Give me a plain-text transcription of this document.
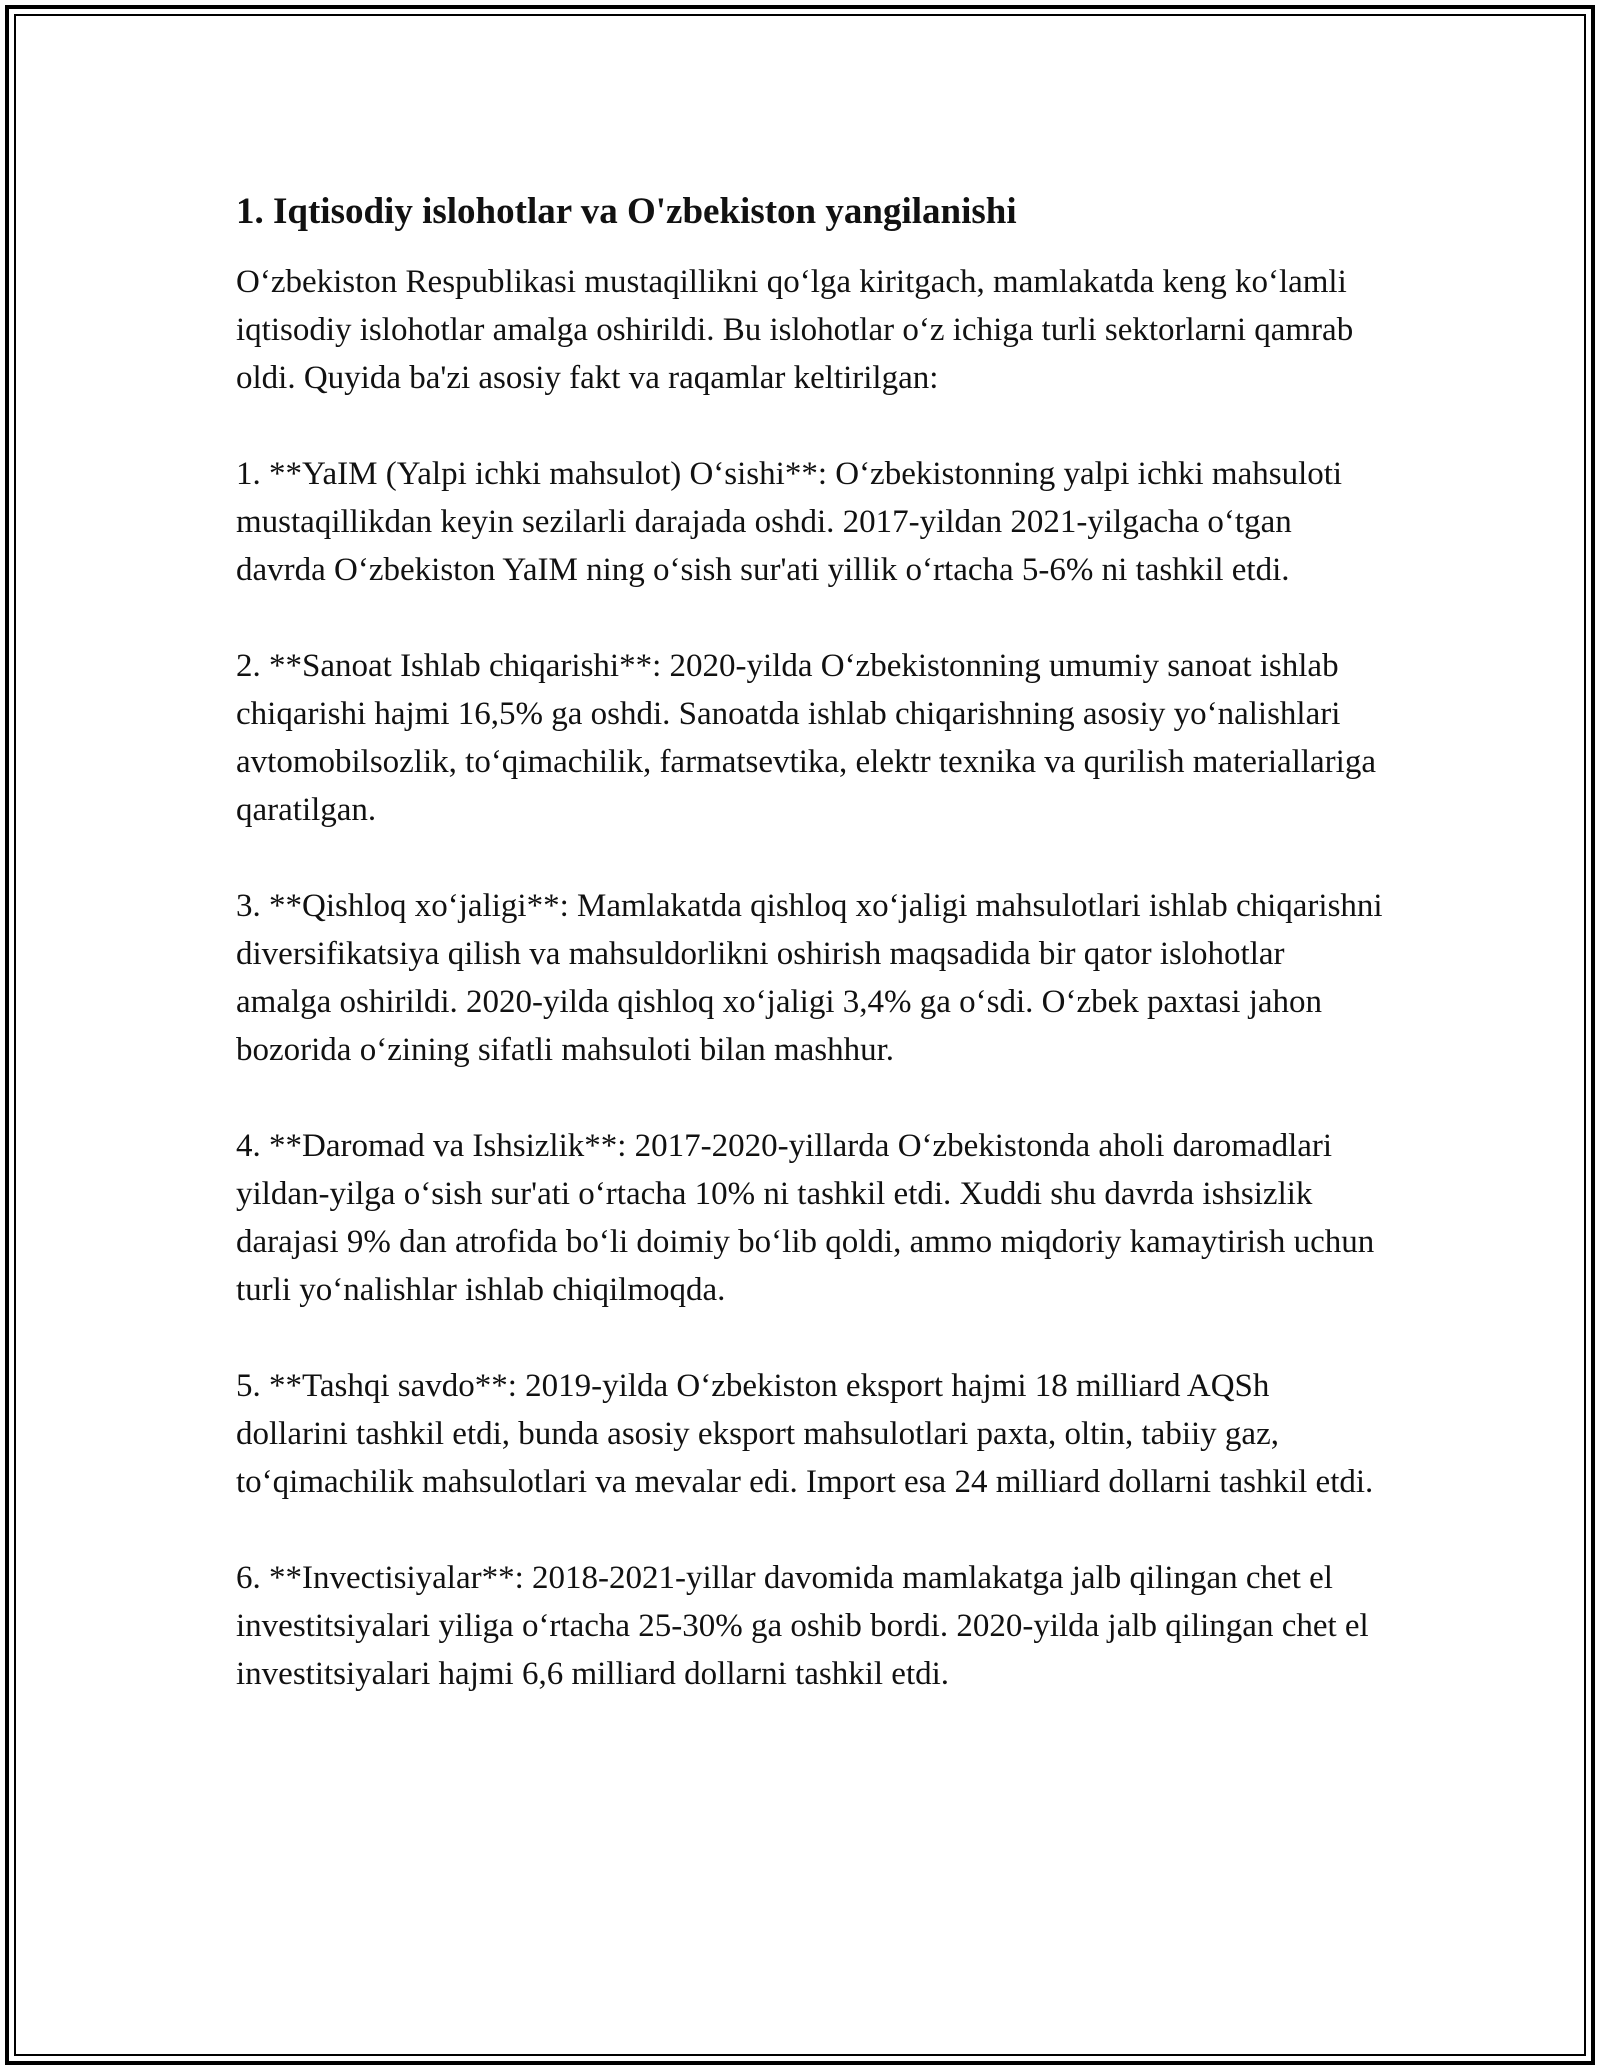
1. Iqtisodiy islohotlar va O'zbekiston yangilanishi

Oʻzbekiston Respublikasi mustaqillikni qoʻlga kiritgach, mamlakatda keng koʻlamli iqtisodiy islohotlar amalga oshirildi. Bu islohotlar oʻz ichiga turli sektorlarni qamrab oldi. Quyida ba'zi asosiy fakt va raqamlar keltirilgan:

1. **YaIM (Yalpi ichki mahsulot) Oʻsishi**: Oʻzbekistonning yalpi ichki mahsuloti mustaqillikdan keyin sezilarli darajada oshdi. 2017-yildan 2021-yilgacha oʻtgan davrda Oʻzbekiston YaIM ning oʻsish sur'ati yillik oʻrtacha 5-6% ni tashkil etdi.

2. **Sanoat Ishlab chiqarishi**: 2020-yilda Oʻzbekistonning umumiy sanoat ishlab chiqarishi hajmi 16,5% ga oshdi. Sanoatda ishlab chiqarishning asosiy yoʻnalishlari avtomobilsozlik, toʻqimachilik, farmatsevtika, elektr texnika va qurilish materiallariga qaratilgan.

3. **Qishloq xoʻjaligi**: Mamlakatda qishloq xoʻjaligi mahsulotlari ishlab chiqarishni diversifikatsiya qilish va mahsuldorlikni oshirish maqsadida bir qator islohotlar amalga oshirildi. 2020-yilda qishloq xoʻjaligi 3,4% ga oʻsdi. Oʻzbek paxtasi jahon bozorida oʻzining sifatli mahsuloti bilan mashhur.

4. **Daromad va Ishsizlik**: 2017-2020-yillarda Oʻzbekistonda aholi daromadlari yildan-yilga oʻsish sur'ati oʻrtacha 10% ni tashkil etdi. Xuddi shu davrda ishsizlik darajasi 9% dan atrofida boʻli doimiy boʻlib qoldi, ammo miqdoriy kamaytirish uchun turli yoʻnalishlar ishlab chiqilmoqda.

5. **Tashqi savdo**: 2019-yilda Oʻzbekiston eksport hajmi 18 milliard AQSh dollarini tashkil etdi, bunda asosiy eksport mahsulotlari paxta, oltin, tabiiy gaz, toʻqimachilik mahsulotlari va mevalar edi. Import esa 24 milliard dollarni tashkil etdi.

6. **Invectisiyalar**: 2018-2021-yillar davomida mamlakatga jalb qilingan chet el investitsiyalari yiliga oʻrtacha 25-30% ga oshib bordi. 2020-yilda jalb qilingan chet el investitsiyalari hajmi 6,6 milliard dollarni tashkil etdi.
